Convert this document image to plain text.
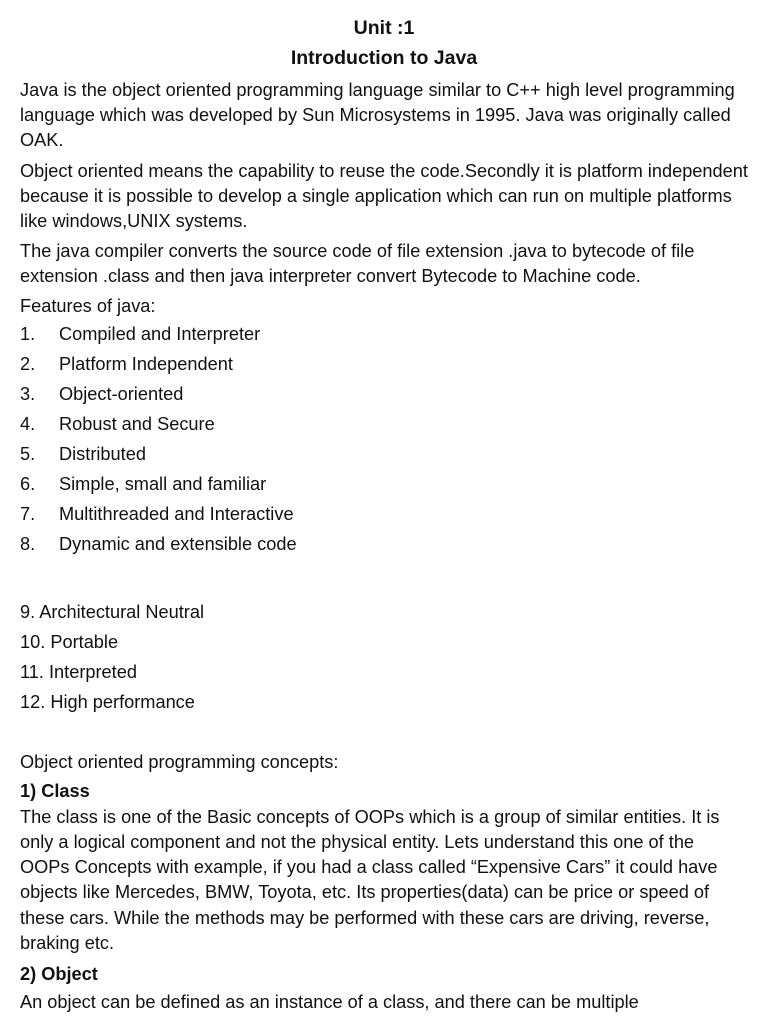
Unit :1
Introduction to Java

Java is the object oriented programming language similar to C++ high level programming language which was developed by Sun Microsystems in 1995. Java was originally called OAK.

Object oriented means the capability to reuse the code.Secondly it is platform independent because it is possible to develop a single application which can run on multiple platforms like windows,UNIX systems.

The java compiler converts the source code of file extension .java to bytecode of file extension .class and then java interpreter convert Bytecode to Machine code.

Features of java:

1.	Compiled and Interpreter
2.	Platform Independent
3.	Object-oriented
4.	Robust and Secure
5.	Distributed
6.	Simple, small and familiar
7.	Multithreaded and Interactive
8.	Dynamic and extensible code
9. Architectural Neutral
10. Portable
11. Interpreted
12. High performance

Object oriented programming concepts:

1) Class

The class is one of the Basic concepts of OOPs which is a group of similar entities. It is only a logical component and not the physical entity. Lets understand this one of the OOPs Concepts with example, if you had a class called “Expensive Cars” it could have objects like Mercedes, BMW, Toyota, etc. Its properties(data) can be price or speed of these cars. While the methods may be performed with these cars are driving, reverse, braking etc.

2) Object

An object can be defined as an instance of a class, and there can be multiple
